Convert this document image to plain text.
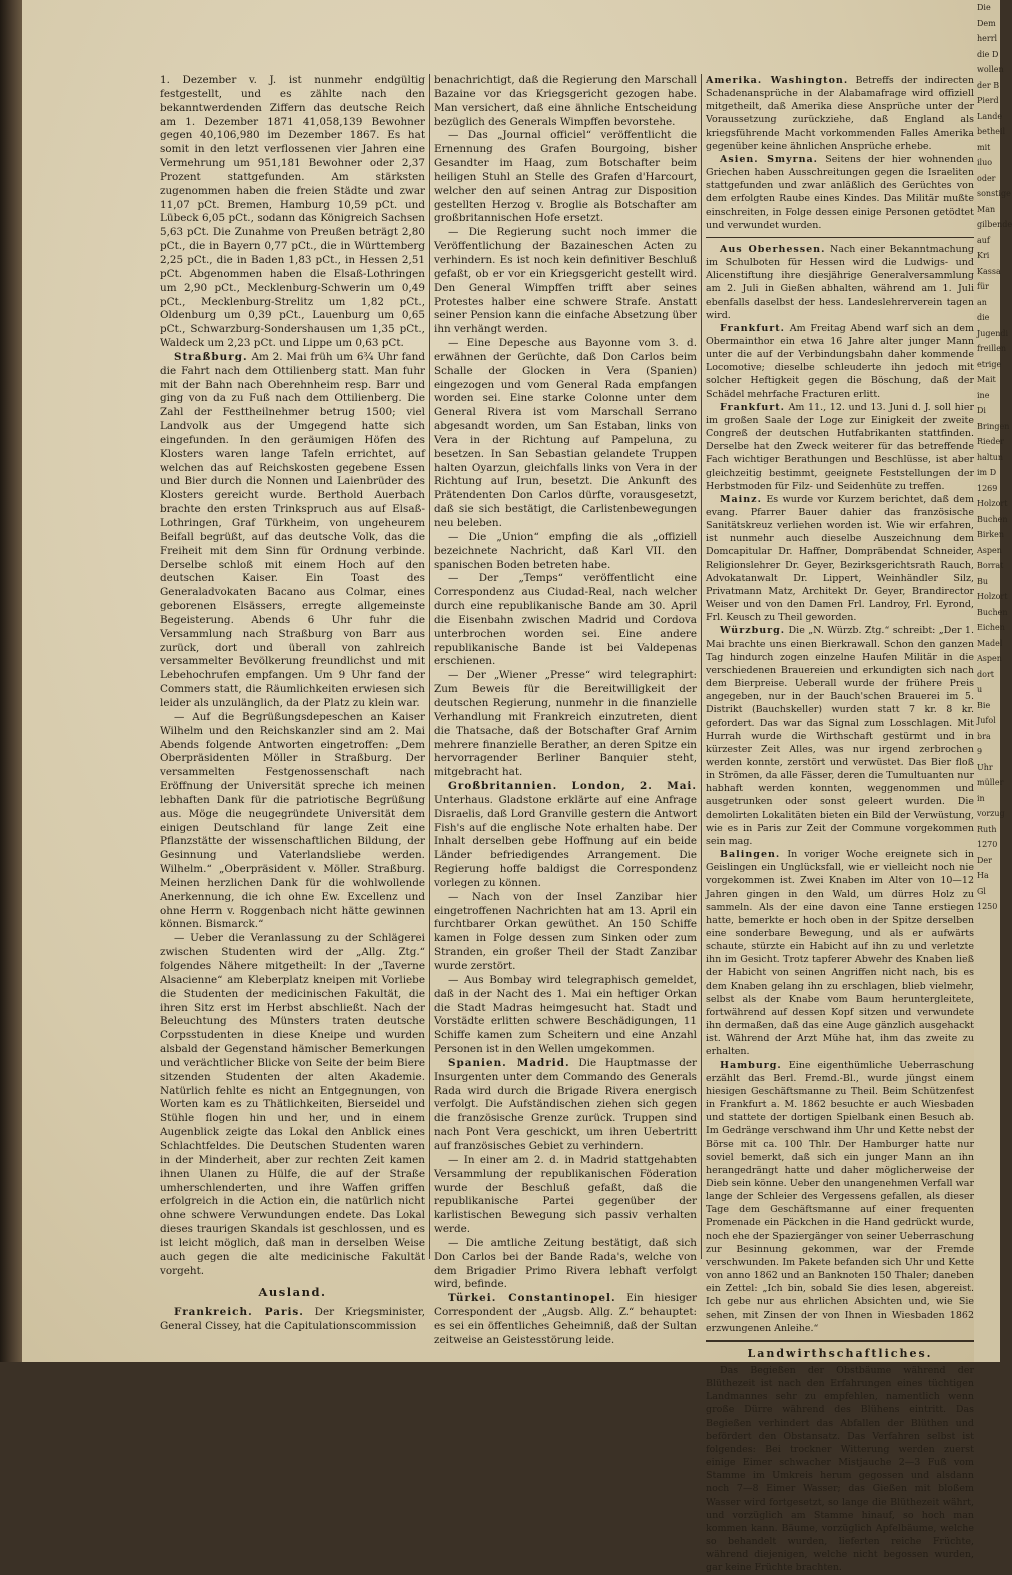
1. Dezember v. J. ist nunmehr endgültig festgestellt, und es zählte nach den bekanntwerdenden Ziffern das deutsche Reich am 1. Dezember 1871 41,058,139 Bewohner gegen 40,106,980 im Dezember 1867. Es hat somit in den letzt verflossenen vier Jahren eine Vermehrung um 951,181 Bewohner oder 2,37 Prozent stattgefunden. Am stärksten zugenommen haben die freien Städte und zwar 11,07 pCt. Bremen, Hamburg 10,59 pCt. und Lübeck 6,05 pCt., sodann das Königreich Sachsen 5,63 pCt. Die Zunahme von Preußen beträgt 2,80 pCt., die in Bayern 0,77 pCt., die in Württemberg 2,25 pCt., die in Baden 1,83 pCt., in Hessen 2,51 pCt. Abgenommen haben die Elsaß-Lothringen um 2,90 pCt., Mecklenburg-Schwerin um 0,49 pCt., Mecklenburg-Strelitz um 1,82 pCt., Oldenburg um 0,39 pCt., Lauenburg um 0,65 pCt., Schwarzburg-Sondershausen um 1,35 pCt., Waldeck um 2,23 pCt. und Lippe um 0,63 pCt.

Straßburg. Am 2. Mai früh um 6¾ Uhr fand die Fahrt nach dem Ottilienberg statt. Man fuhr mit der Bahn nach Oberehnheim resp. Barr und ging von da zu Fuß nach dem Ottilienberg. Die Zahl der Festtheilnehmer betrug 1500; viel Landvolk aus der Umgegend hatte sich eingefunden. In den geräumigen Höfen des Klosters waren lange Tafeln errichtet, auf welchen das auf Reichskosten gegebene Essen und Bier durch die Nonnen und Laienbrüder des Klosters gereicht wurde. Berthold Auerbach brachte den ersten Trinkspruch aus auf Elsaß-Lothringen, Graf Türkheim, von ungeheurem Beifall begrüßt, auf das deutsche Volk, das die Freiheit mit dem Sinn für Ordnung verbinde. Derselbe schloß mit einem Hoch auf den deutschen Kaiser. Ein Toast des Generaladvokaten Bacano aus Colmar, eines geborenen Elsässers, erregte allgemeinste Begeisterung. Abends 6 Uhr fuhr die Versammlung nach Straßburg von Barr aus zurück, dort und überall von zahlreich versammelter Bevölkerung freundlichst und mit Lebehochrufen empfangen. Um 9 Uhr fand der Commers statt, die Räumlichkeiten erwiesen sich leider als unzulänglich, da der Platz zu klein war.

— Auf die Begrüßungsdepeschen an Kaiser Wilhelm und den Reichskanzler sind am 2. Mai Abends folgende Antworten eingetroffen: „Dem Oberpräsidenten Möller in Straßburg. Der versammelten Festgenossenschaft nach Eröffnung der Universität spreche ich meinen lebhaften Dank für die patriotische Begrüßung aus. Möge die neugegründete Universität dem einigen Deutschland für lange Zeit eine Pflanzstätte der wissenschaftlichen Bildung, der Gesinnung und Vaterlandsliebe werden. Wilhelm.“ „Oberpräsident v. Möller. Straßburg. Meinen herzlichen Dank für die wohlwollende Anerkennung, die ich ohne Ew. Excellenz und ohne Herrn v. Roggenbach nicht hätte gewinnen können. Bismarck.“

— Ueber die Veranlassung zu der Schlägerei zwischen Studenten wird der „Allg. Ztg.“ folgendes Nähere mitgetheilt: In der „Taverne Alsacienne“ am Kleberplatz kneipen mit Vorliebe die Studenten der medicinischen Fakultät, die ihren Sitz erst im Herbst abschließt. Nach der Beleuchtung des Münsters traten deutsche Corpsstudenten in diese Kneipe und wurden alsbald der Gegenstand hämischer Bemerkungen und verächtlicher Blicke von Seite der beim Biere sitzenden Studenten der alten Akademie. Natürlich fehlte es nicht an Entgegnungen, von Worten kam es zu Thätlichkeiten, Bierseidel und Stühle flogen hin und her, und in einem Augenblick zeigte das Lokal den Anblick eines Schlachtfeldes. Die Deutschen Studenten waren in der Minderheit, aber zur rechten Zeit kamen ihnen Ulanen zu Hülfe, die auf der Straße umherschlenderten, und ihre Waffen griffen erfolgreich in die Action ein, die natürlich nicht ohne schwere Verwundungen endete. Das Lokal dieses traurigen Skandals ist geschlossen, und es ist leicht möglich, daß man in derselben Weise auch gegen die alte medicinische Fakultät vorgeht.

Ausland.

Frankreich. Paris. Der Kriegsminister, General Cissey, hat die Capitulationscommission

benachrichtigt, daß die Regierung den Marschall Bazaine vor das Kriegsgericht gezogen habe. Man versichert, daß eine ähnliche Entscheidung bezüglich des Generals Wimpffen bevorstehe.

— Das „Journal officiel“ veröffentlicht die Ernennung des Grafen Bourgoing, bisher Gesandter im Haag, zum Botschafter beim heiligen Stuhl an Stelle des Grafen d'Harcourt, welcher den auf seinen Antrag zur Disposition gestellten Herzog v. Broglie als Botschafter am großbritannischen Hofe ersetzt.

— Die Regierung sucht noch immer die Veröffentlichung der Bazaineschen Acten zu verhindern. Es ist noch kein definitiver Beschluß gefaßt, ob er vor ein Kriegsgericht gestellt wird. Den General Wimpffen trifft aber seines Protestes halber eine schwere Strafe. Anstatt seiner Pension kann die einfache Absetzung über ihn verhängt werden.

— Eine Depesche aus Bayonne vom 3. d. erwähnen der Gerüchte, daß Don Carlos beim Schalle der Glocken in Vera (Spanien) eingezogen und vom General Rada empfangen worden sei. Eine starke Colonne unter dem General Rivera ist vom Marschall Serrano abgesandt worden, um San Estaban, links von Vera in der Richtung auf Pampeluna, zu besetzen. In San Sebastian gelandete Truppen halten Oyarzun, gleichfalls links von Vera in der Richtung auf Irun, besetzt. Die Ankunft des Prätendenten Don Carlos dürfte, vorausgesetzt, daß sie sich bestätigt, die Carlistenbewegungen neu beleben.

— Die „Union“ empfing die als „offiziell bezeichnete Nachricht, daß Karl VII. den spanischen Boden betreten habe.

— Der „Temps“ veröffentlicht eine Correspondenz aus Ciudad-Real, nach welcher durch eine republikanische Bande am 30. April die Eisenbahn zwischen Madrid und Cordova unterbrochen worden sei. Eine andere republikanische Bande ist bei Valdepenas erschienen.

— Der „Wiener „Presse“ wird telegraphirt: Zum Beweis für die Bereitwilligkeit der deutschen Regierung, nunmehr in die finanzielle Verhandlung mit Frankreich einzutreten, dient die Thatsache, daß der Botschafter Graf Arnim mehrere finanzielle Berather, an deren Spitze ein hervorragender Berliner Banquier steht, mitgebracht hat.

Großbritannien. London, 2. Mai. Unterhaus. Gladstone erklärte auf eine Anfrage Disraelis, daß Lord Granville gestern die Antwort Fish's auf die englische Note erhalten habe. Der Inhalt derselben gebe Hoffnung auf ein beide Länder befriedigendes Arrangement. Die Regierung hoffe baldigst die Correspondenz vorlegen zu können.

— Nach von der Insel Zanzibar hier eingetroffenen Nachrichten hat am 13. April ein furchtbarer Orkan gewüthet. An 150 Schiffe kamen in Folge dessen zum Sinken oder zum Stranden, ein großer Theil der Stadt Zanzibar wurde zerstört.

— Aus Bombay wird telegraphisch gemeldet, daß in der Nacht des 1. Mai ein heftiger Orkan die Stadt Madras heimgesucht hat. Stadt und Vorstädte erlitten schwere Beschädigungen, 11 Schiffe kamen zum Scheitern und eine Anzahl Personen ist in den Wellen umgekommen.

Spanien. Madrid. Die Hauptmasse der Insurgenten unter dem Commando des Generals Rada wird durch die Brigade Rivera energisch verfolgt. Die Aufständischen ziehen sich gegen die französische Grenze zurück. Truppen sind nach Pont Vera geschickt, um ihren Uebertritt auf französisches Gebiet zu verhindern.

— In einer am 2. d. in Madrid stattgehabten Versammlung der republikanischen Föderation wurde der Beschluß gefaßt, daß die republikanische Partei gegenüber der karlistischen Bewegung sich passiv verhalten werde.

— Die amtliche Zeitung bestätigt, daß sich Don Carlos bei der Bande Rada's, welche von dem Brigadier Primo Rivera lebhaft verfolgt wird, befinde.

Türkei. Constantinopel. Ein hiesiger Correspondent der „Augsb. Allg. Z.“ behauptet: es sei ein öffentliches Geheimniß, daß der Sultan zeitweise an Geistesstörung leide.

Amerika. Washington. Betreffs der indirecten Schadenansprüche in der Alabamafrage wird offiziell mitgetheilt, daß Amerika diese Ansprüche unter der Voraussetzung zurückziehe, daß England als kriegsführende Macht vorkommenden Falles Amerika gegenüber keine ähnlichen Ansprüche erhebe.

Asien. Smyrna. Seitens der hier wohnenden Griechen haben Ausschreitungen gegen die Israeliten stattgefunden und zwar anläßlich des Gerüchtes von dem erfolgten Raube eines Kindes. Das Militär mußte einschreiten, in Folge dessen einige Personen getödtet und verwundet wurden.

Aus Oberhessen. Nach einer Bekanntmachung im Schulboten für Hessen wird die Ludwigs- und Alicenstiftung ihre diesjährige Generalversammlung am 2. Juli in Gießen abhalten, während am 1. Juli ebenfalls daselbst der hess. Landeslehrerverein tagen wird.

Frankfurt. Am Freitag Abend warf sich an dem Obermainthor ein etwa 16 Jahre alter junger Mann unter die auf der Verbindungsbahn daher kommende Locomotive; dieselbe schleuderte ihn jedoch mit solcher Heftigkeit gegen die Böschung, daß der Schädel mehrfache Fracturen erlitt.

Frankfurt. Am 11., 12. und 13. Juni d. J. soll hier im großen Saale der Loge zur Einigkeit der zweite Congreß der deutschen Hutfabrikanten stattfinden. Derselbe hat den Zweck weiterer für das betreffende Fach wichtiger Berathungen und Beschlüsse, ist aber gleichzeitig bestimmt, geeignete Feststellungen der Herbstmoden für Filz- und Seidenhüte zu treffen.

Mainz. Es wurde vor Kurzem berichtet, daß dem evang. Pfarrer Bauer dahier das französische Sanitätskreuz verliehen worden ist. Wie wir erfahren, ist nunmehr auch dieselbe Auszeichnung dem Domcapitular Dr. Haffner, Dompräbendat Schneider, Religionslehrer Dr. Geyer, Bezirksgerichtsrath Rauch, Advokatanwalt Dr. Lippert, Weinhändler Silz, Privatmann Matz, Architekt Dr. Geyer, Brandirector Weiser und von den Damen Frl. Landroy, Frl. Eyrond, Frl. Keusch zu Theil geworden.

Würzburg. Die „N. Würzb. Ztg.“ schreibt: „Der 1. Mai brachte uns einen Bierkrawall. Schon den ganzen Tag hindurch zogen einzelne Haufen Militär in die verschiedenen Brauereien und erkundigten sich nach dem Bierpreise. Ueberall wurde der frühere Preis angegeben, nur in der Bauch'schen Brauerei im 5. Distrikt (Bauchskeller) wurden statt 7 kr. 8 kr. gefordert. Das war das Signal zum Losschlagen. Mit Hurrah wurde die Wirthschaft gestürmt und in kürzester Zeit Alles, was nur irgend zerbrochen werden konnte, zerstört und verwüstet. Das Bier floß in Strömen, da alle Fässer, deren die Tumultuanten nur habhaft werden konnten, weggenommen und ausgetrunken oder sonst geleert wurden. Die demolirten Lokalitäten bieten ein Bild der Verwüstung, wie es in Paris zur Zeit der Commune vorgekommen sein mag.

Balingen. In voriger Woche ereignete sich in Geislingen ein Unglücksfall, wie er vielleicht noch nie vorgekommen ist. Zwei Knaben im Alter von 10—12 Jahren gingen in den Wald, um dürres Holz zu sammeln. Als der eine davon eine Tanne erstiegen hatte, bemerkte er hoch oben in der Spitze derselben eine sonderbare Bewegung, und als er aufwärts schaute, stürzte ein Habicht auf ihn zu und verletzte ihn im Gesicht. Trotz tapferer Abwehr des Knaben ließ der Habicht von seinen Angriffen nicht nach, bis es dem Knaben gelang ihn zu erschlagen, blieb vielmehr, selbst als der Knabe vom Baum heruntergleitete, fortwährend auf dessen Kopf sitzen und verwundete ihn dermaßen, daß das eine Auge gänzlich ausgehackt ist. Während der Arzt Mühe hat, ihm das zweite zu erhalten.

Hamburg. Eine eigenthümliche Ueberraschung erzählt das Berl. Fremd.-Bl., wurde jüngst einem hiesigen Geschäftsmanne zu Theil. Beim Schützenfest in Frankfurt a. M. 1862 besuchte er auch Wiesbaden und stattete der dortigen Spielbank einen Besuch ab. Im Gedränge verschwand ihm Uhr und Kette nebst der Börse mit ca. 100 Thlr. Der Hamburger hatte nur soviel bemerkt, daß sich ein junger Mann an ihn herangedrängt hatte und daher möglicherweise der Dieb sein könne. Ueber den unangenehmen Verfall war lange der Schleier des Vergessens gefallen, als dieser Tage dem Geschäftsmanne auf einer frequenten Promenade ein Päckchen in die Hand gedrückt wurde, noch ehe der Spaziergänger von seiner Ueberraschung zur Besinnung gekommen, war der Fremde verschwunden. Im Pakete befanden sich Uhr und Kette von anno 1862 und an Banknoten 150 Thaler; daneben ein Zettel: „Ich bin, sobald Sie dies lesen, abgereist. Ich gebe nur aus ehrlichen Absichten und, wie Sie sehen, mit Zinsen der von Ihnen in Wiesbaden 1862 erzwungenen Anleihe.“

Landwirthschaftliches.

Das Begießen der Obstbäume während der Blüthezeit ist nach den Erfahrungen eines tüchtigen Landmannes sehr zu empfehlen, namentlich wenn große Dürre während des Blühens eintritt. Das Begießen verhindert das Abfallen der Blüthen und befördert den Obstansatz. Das Verfahren selbst ist folgendes: Bei trockner Witterung werden zuerst einige Eimer schwacher Mistjauche 2—3 Fuß vom Stamme im Umkreis herum gegossen und alsdann noch 7—8 Eimer Wasser; das Gießen mit bloßem Wasser wird fortgesetzt, so lange die Blüthezeit währt, und vorzüglich am Stamme hinauf, so hoch man kommen kann. Bäume, vorzüglich Apfelbäume, welche so behandelt wurden, lieferten reiche Früchte, während diejenigen, welche nicht begossen wurden, gar keine Früchte brachten.

Die
Dem
herrl
die D
wollen
der B
Pierd
Lande
betheil
mit
iluo
oder
sonstige
Man
gilbende
auf
Kri
Kassa
für
an
die
Jugendi
freillen
etrige
Mait
ine
Di
Bringen
Rieder
haltun
im D
1269
Holzort
Buchen
Birken
Aspen
Borrat
Bu
Holzort
Buchen
Eichen
Madel
Aspen
dort
u
Bie
Jufol
bra
9
Uhr
müller
in
vorzug
Ruth
1270
Der
Ha
Gl
1250
